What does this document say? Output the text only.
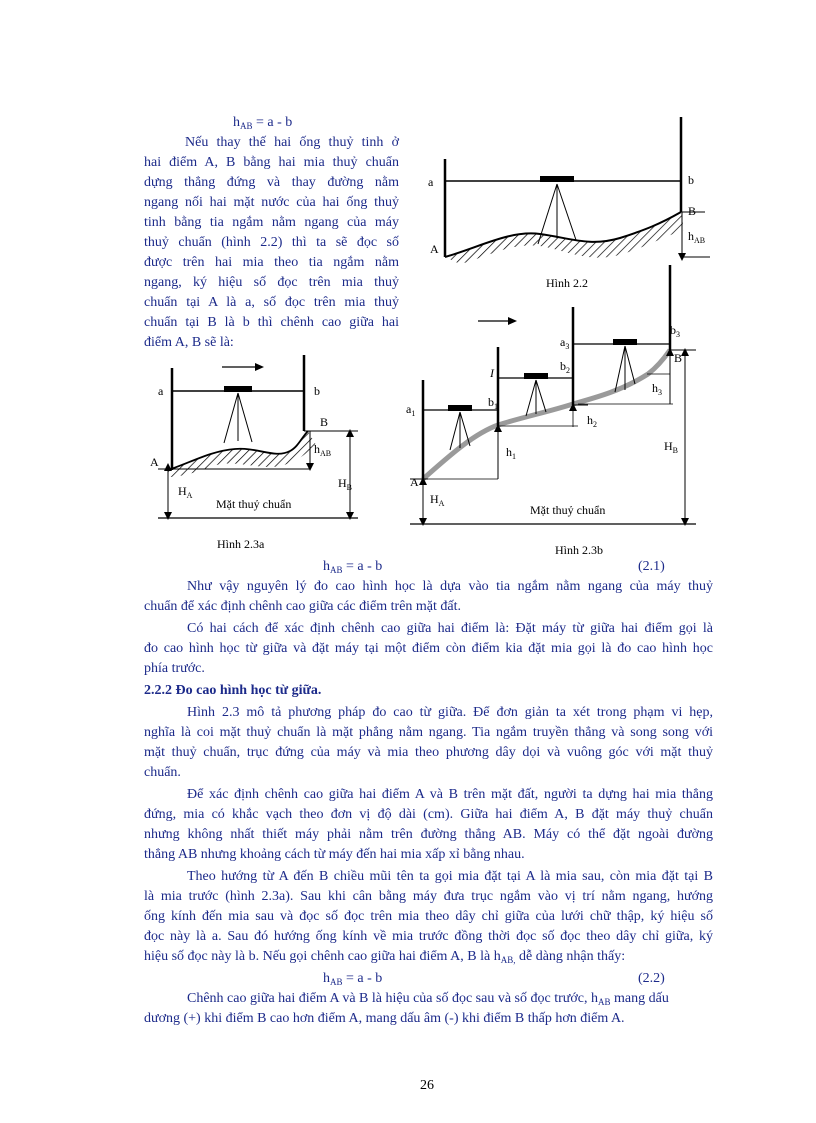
$h_{AB} = a - b$
Nếu thay thế hai ống thuỷ tinh ở
hai điểm A, B bằng hai mia thuỷ chuẩn
dựng thẳng đứng và thay đường nằm
ngang nối hai mặt nước của hai ống thuỷ
tinh bằng tia ngắm nằm ngang của máy
thuỷ chuẩn (hình 2.2) thì ta sẽ đọc số
được trên hai mia theo tia ngắm nằm
ngang, ký hiệu số đọc trên mia thuỷ
chuẩn tại A là a, số đọc trên mia thuỷ
chuẩn tại B là b thì chênh cao giữa hai
điểm A, B sẽ là:
a	b
A
B
$h_{AB}$
Hình 2.2
a	b
A
B
$h_{AB}$
$H_A$
$H_B$
Mặt thuỷ chuẩn
Hình 2.3a
$a_1$
$b_1$
I	$b_2$
$a_3$
$b_3$
B
A
$h_1$
$h_2$
$h_3$
$H_B$
$H_A$	Mặt thuỷ chuẩn
Hình 2.3b
$h_{AB} = a - b$	(2.1)
Như vậy nguyên lý đo cao hình học là dựa vào tia ngắm nằm ngang của máy thuỷ
chuẩn để xác định chênh cao giữa các điểm trên mặt đất.
Có hai cách để xác định chênh cao giữa hai điểm là: Đặt máy từ giữa hai điểm gọi là
đo cao hình học từ giữa và đặt máy tại một điểm còn điểm kia đặt mia gọi là đo cao hình học
phía trước.
2.2.2 Đo cao hình học từ giữa.
Hình 2.3 mô tả phương pháp đo cao từ giữa. Để đơn giản ta xét trong phạm vi hẹp,
nghĩa là coi mặt thuỷ chuẩn là mặt phẳng nằm ngang. Tia ngắm truyền thẳng và song song với
mặt thuỷ chuẩn, trục đứng của máy và mia theo phương dây dọi và vuông góc với mặt thuỷ
chuẩn.
Để xác định chênh cao giữa hai điểm A và B trên mặt đất, người ta dựng hai mia thẳng
đứng, mia có khắc vạch theo đơn vị độ dài (cm). Giữa hai điểm A, B đặt máy thuỷ chuẩn
nhưng không nhất thiết máy phải nằm trên đường thẳng AB. Máy có thể đặt ngoài đường
thẳng AB nhưng khoảng cách từ máy đến hai mia xấp xỉ bằng nhau.
Theo hướng từ A đến B chiều mũi tên ta gọi mia đặt tại A là mia sau, còn mia đặt tại B
là mia trước (hình 2.3a). Sau khi cân bằng máy đưa trục ngắm vào vị trí nằm ngang, hướng
ống kính đến mia sau và đọc số đọc trên mia theo dây chỉ giữa của lưới chữ thập, ký hiệu số
đọc này là a. Sau đó hướng ống kính về mia trước đồng thời đọc số đọc theo dây chỉ giữa, ký
hiệu số đọc này là b. Nếu gọi chênh cao giữa hai điểm A, B là $h_{AB,}$ dễ dàng nhận thấy:
$h_{AB} = a - b$	(2.2)
Chênh cao giữa hai điểm A và B là hiệu của số đọc sau và số đọc trước, $h_{AB}$ mang dấu
dương (+) khi điểm B cao hơn điểm A, mang dấu âm (-) khi điểm B thấp hơn điểm A.
26
